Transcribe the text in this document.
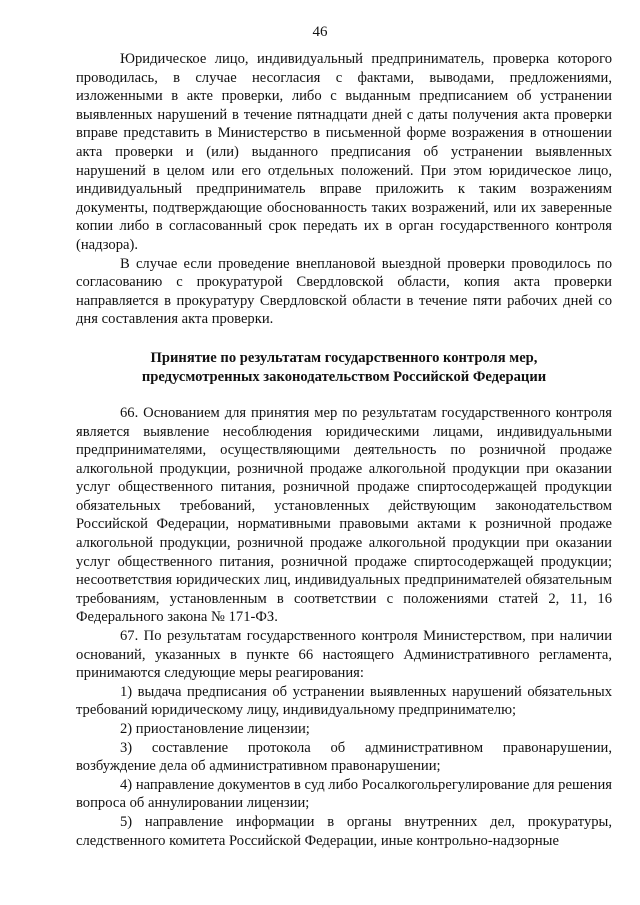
46

Юридическое лицо, индивидуальный предприниматель, проверка которого проводилась, в случае несогласия с фактами, выводами, предложениями, изложенными в акте проверки, либо с выданным предписанием об устранении выявленных нарушений в течение пятнадцати дней с даты получения акта проверки вправе представить в Министерство в письменной форме возражения в отношении акта проверки и (или) выданного предписания об устранении выявленных нарушений в целом или его отдельных положений. При этом юридическое лицо, индивидуальный предприниматель вправе приложить к таким возражениям документы, подтверждающие обоснованность таких возражений, или их заверенные копии либо в согласованный срок передать их в орган государственного контроля (надзора).

В случае если проведение внеплановой выездной проверки проводилось по согласованию с прокуратурой Свердловской области, копия акта проверки направляется в прокуратуру Свердловской области в течение пяти рабочих дней со дня составления акта проверки.

Принятие по результатам государственного контроля мер,

предусмотренных законодательством Российской Федерации

66. Основанием для принятия мер по результатам государственного контроля является выявление несоблюдения юридическими лицами, индивидуальными предпринимателями, осуществляющими деятельность по розничной продаже алкогольной продукции, розничной продаже алкогольной продукции при оказании услуг общественного питания, розничной продаже спиртосодержащей продукции обязательных требований, установленных действующим законодательством Российской Федерации, нормативными правовыми актами к розничной продаже алкогольной продукции, розничной продаже алкогольной продукции при оказании услуг общественного питания, розничной продаже спиртосодержащей продукции; несоответствия юридических лиц, индивидуальных предпринимателей обязательным требованиям, установленным в соответствии с положениями статей 2, 11, 16 Федерального закона № 171-ФЗ.

67. По результатам государственного контроля Министерством, при наличии оснований, указанных в пункте 66 настоящего Административного регламента, принимаются следующие меры реагирования:

1) выдача предписания об устранении выявленных нарушений обязательных требований юридическому лицу, индивидуальному предпринимателю;

2) приостановление лицензии;

3) составление протокола об административном правонарушении, возбуждение дела об административном правонарушении;

4) направление документов в суд либо Росалкогольрегулирование для решения вопроса об аннулировании лицензии;

5) направление информации в органы внутренних дел, прокуратуры, следственного комитета Российской Федерации, иные контрольно-надзорные
